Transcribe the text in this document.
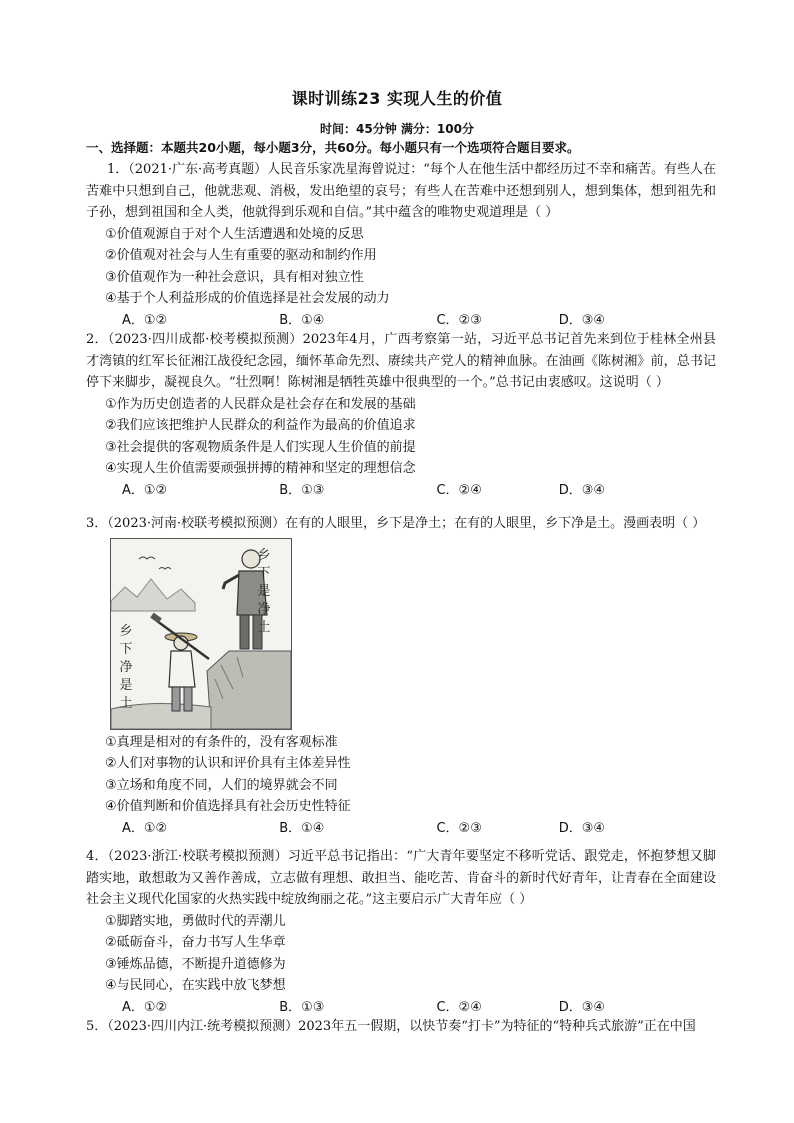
课时训练23 实现人生的价值
时间：45分钟 满分：100分
一、选择题：本题共20小题，每小题3分，共60分。每小题只有一个选项符合题目要求。
1．（2021·广东·高考真题）人民音乐家冼星海曾说过：“每个人在他生活中都经历过不幸和痛苦。有些人在苦难中只想到自己，他就悲观、消极，发出绝望的哀号；有些人在苦难中还想到别人，想到集体，想到祖先和子孙，想到祖国和全人类，他就得到乐观和自信。”其中蕴含的唯物史观道理是（ ）
①价值观源自于对个人生活遭遇和处境的反思
②价值观对社会与人生有重要的驱动和制约作用
③价值观作为一种社会意识，具有相对独立性
④基于个人利益形成的价值选择是社会发展的动力
A．①②	B．①④	C．②③	D．③④
2．（2023·四川成都·校考模拟预测）2023年4月，广西考察第一站，习近平总书记首先来到位于桂林全州县才湾镇的红军长征湘江战役纪念园，缅怀革命先烈、赓续共产党人的精神血脉。在油画《陈树湘》前，总书记停下来脚步，凝视良久。“壮烈啊！陈树湘是牺牲英雄中很典型的一个。”总书记由衷感叹。这说明（ ）
①作为历史创造者的人民群众是社会存在和发展的基础
②我们应该把维护人民群众的利益作为最高的价值追求
③社会提供的客观物质条件是人们实现人生价值的前提
④实现人生价值需要顽强拼搏的精神和坚定的理想信念
A．①②	B．①③	C．②④	D．③④
3．（2023·河南·校联考模拟预测）在有的人眼里，乡下是净土；在有的人眼里，乡下净是土。漫画表明（ ）
乡下是净土
乡下净是土
①真理是相对的有条件的，没有客观标准
②人们对事物的认识和评价具有主体差异性
③立场和角度不同，人们的境界就会不同
④价值判断和价值选择具有社会历史性特征
A．①②	B．①④	C．②③	D．③④
4．（2023·浙江·校联考模拟预测）习近平总书记指出：“广大青年要坚定不移听党话、跟党走，怀抱梦想又脚踏实地，敢想敢为又善作善成，立志做有理想、敢担当、能吃苦、肯奋斗的新时代好青年，让青春在全面建设社会主义现代化国家的火热实践中绽放绚丽之花。”这主要启示广大青年应（ ）
①脚踏实地，勇做时代的弄潮儿
②砥砺奋斗，奋力书写人生华章
③锤炼品德，不断提升道德修为
④与民同心，在实践中放飞梦想
A．①②	B．①③	C．②④	D．③④
5．（2023·四川内江·统考模拟预测）2023年五一假期，以快节奏“打卡”为特征的“特种兵式旅游”正在中国
